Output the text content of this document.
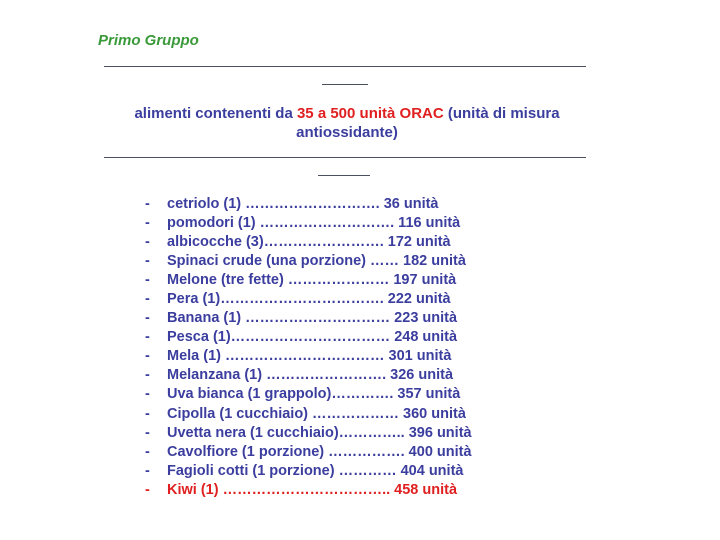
Primo Gruppo
alimenti contenenti da 35 a 500 unità ORAC (unità di misura antiossidante)
- cetriolo (1) ………………………. 36 unità
- pomodori (1) ………………………. 116 unità
- albicocche (3)……………………. 172 unità
- Spinaci crude (una porzione) …… 182 unità
- Melone (tre fette) ………………… 197 unità
- Pera (1)……………………………. 222 unità
- Banana (1) ………………………… 223 unità
- Pesca (1)…………………………… 248 unità
- Mela (1) …………………………… 301 unità
- Melanzana (1) ……………………. 326 unità
- Uva bianca (1 grappolo)…………. 357 unità
- Cipolla (1 cucchiaio) ……………… 360 unità
- Uvetta nera (1 cucchiaio)………….. 396 unità
- Cavolfiore (1 porzione) ……………. 400 unità
- Fagioli cotti (1 porzione) ………… 404 unità
- Kiwi (1) …………………………….. 458 unità
